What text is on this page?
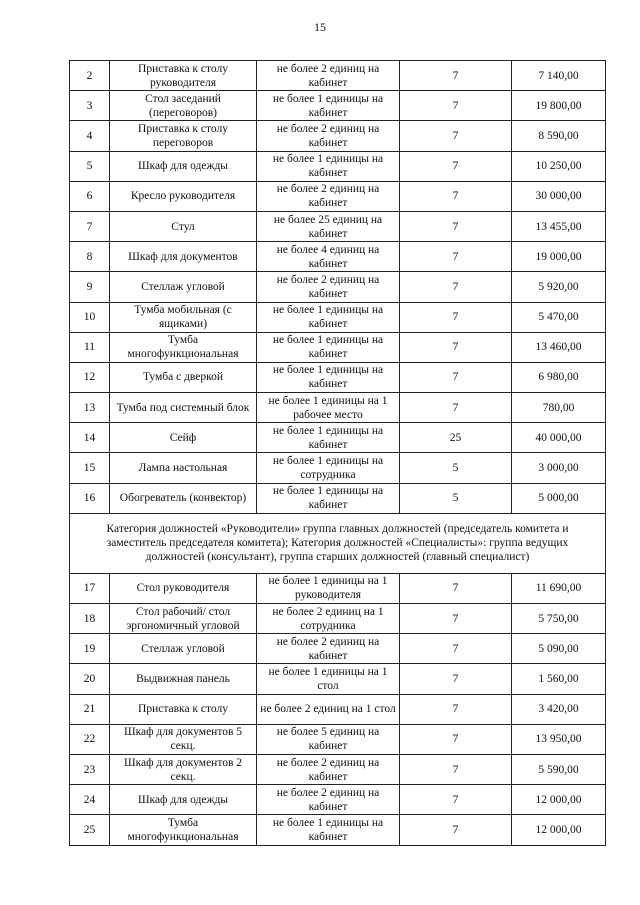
15
2	Приставка к столу руководителя	не более 2 единиц на кабинет	7	7 140,00
3	Стол заседаний (переговоров)	не более 1 единицы на кабинет	7	19 800,00
4	Приставка к столу переговоров	не более 2 единиц на кабинет	7	8 590,00
5	Шкаф для одежды	не более 1 единицы на кабинет	7	10 250,00
6	Кресло руководителя	не более 2 единиц на кабинет	7	30 000,00
7	Стул	не более 25 единиц на кабинет	7	13 455,00
8	Шкаф для документов	не более 4 единиц на кабинет	7	19 000,00
9	Стеллаж угловой	не более 2 единиц на кабинет	7	5 920,00
10	Тумба мобильная (с ящиками)	не более 1 единицы на кабинет	7	5 470,00
11	Тумба многофункциональная	не более 1 единицы на кабинет	7	13 460,00
12	Тумба с дверкой	не более 1 единицы на кабинет	7	6 980,00
13	Тумба под системный блок	не более 1 единицы на 1 рабочее место	7	780,00
14	Сейф	не более 1 единицы на кабинет	25	40 000,00
15	Лампа настольная	не более 1 единицы на сотрудника	5	3 000,00
16	Обогреватель (конвектор)	не более 1 единицы на кабинет	5	5 000,00
Категория должностей «Руководители» группа главных должностей (председатель комитета и заместитель председателя комитета); Категория должностей «Специалисты»: группа ведущих должностей (консультант), группа старших должностей (главный специалист)				
17	Стол руководителя	не более 1 единицы на 1 руководителя	7	11 690,00
18	Стол рабочий/ стол эргономичный угловой	не более 2 единиц на 1 сотрудника	7	5 750,00
19	Стеллаж угловой	не более 2 единиц на кабинет	7	5 090,00
20	Выдвижная панель	не более 1 единицы на 1 стол	7	1 560,00
21	Приставка к столу	не более 2 единиц на 1 стол	7	3 420,00
22	Шкаф для документов 5 секц.	не более 5 единиц на кабинет	7	13 950,00
23	Шкаф для документов 2 секц.	не более 2 единиц на кабинет	7	5 590,00
24	Шкаф для одежды	не более 2 единиц на кабинет	7	12 000,00
25	Тумба многофункциональная	не более 1 единицы на кабинет	7	12 000,00
